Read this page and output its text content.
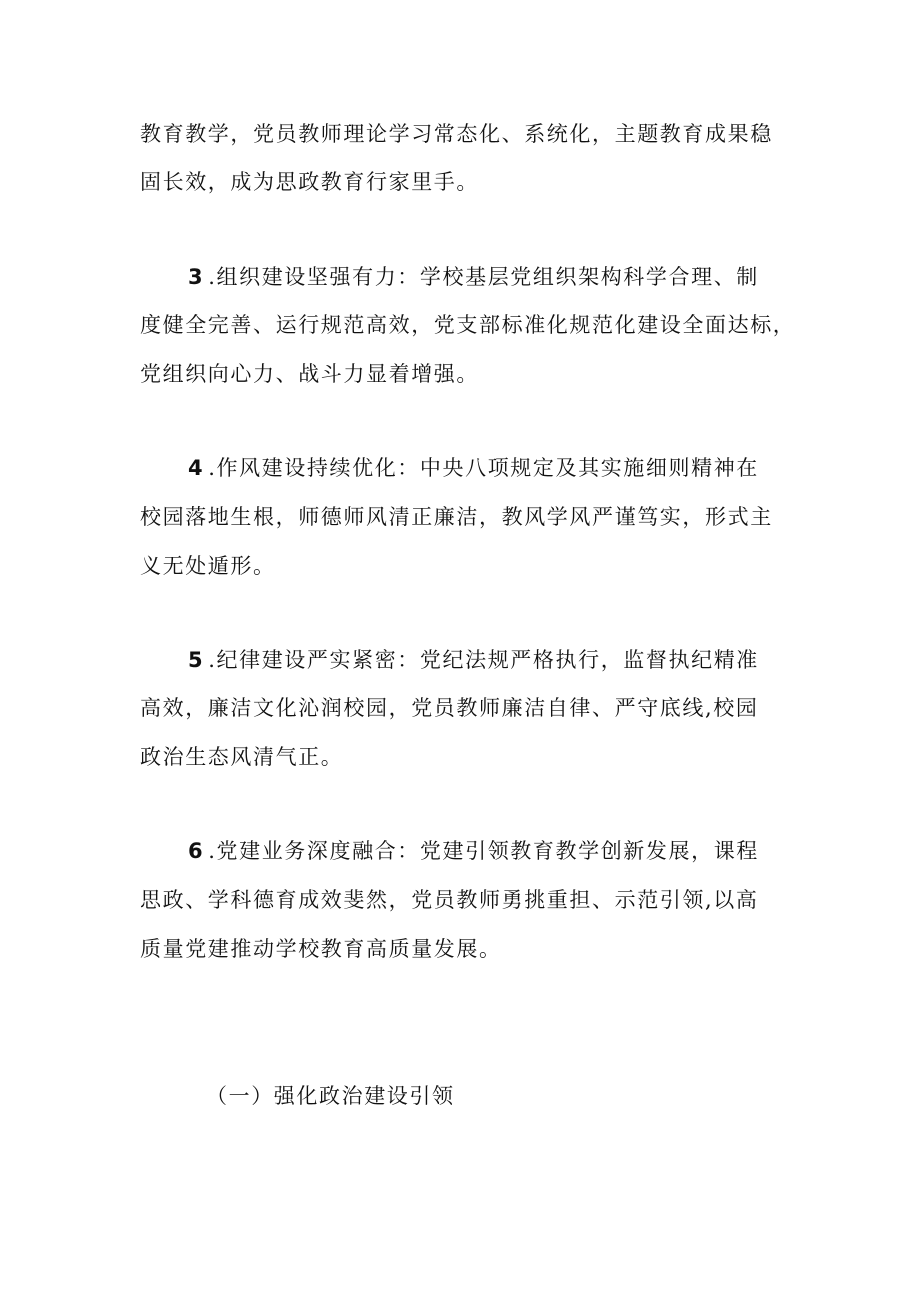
教育教学，党员教师理论学习常态化、系统化，主题教育成果稳
固长效，成为思政教育行家里手。
3 .组织建设坚强有力：学校基层党组织架构科学合理、制
度健全完善、运行规范高效，党支部标准化规范化建设全面达标，
党组织向心力、战斗力显着增强。
4 .作风建设持续优化：中央八项规定及其实施细则精神在
校园落地生根，师德师风清正廉洁，教风学风严谨笃实，形式主
义无处遁形。
5 .纪律建设严实紧密：党纪法规严格执行，监督执纪精准
高效，廉洁文化沁润校园，党员教师廉洁自律、严守底线,校园
政治生态风清气正。
6 .党建业务深度融合：党建引领教育教学创新发展，课程
思政、学科德育成效斐然，党员教师勇挑重担、示范引领,以高
质量党建推动学校教育高质量发展。
（一）强化政治建设引领
